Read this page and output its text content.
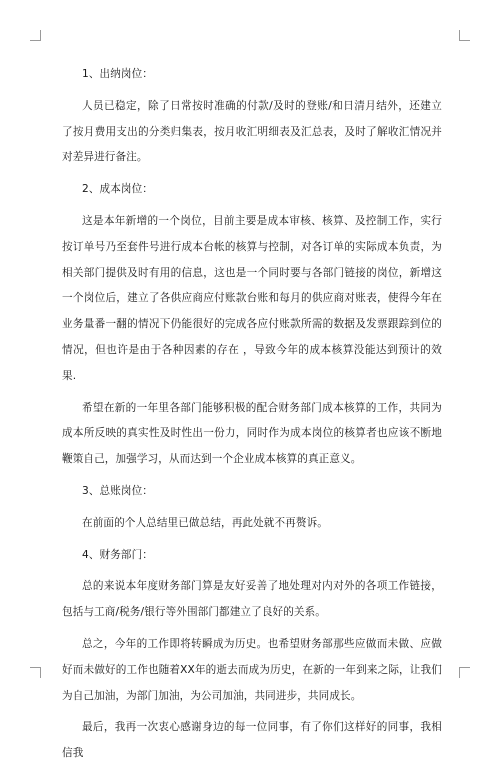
1、出纳岗位：

人员已稳定，除了日常按时准确的付款/及时的登账/和日清月结外，还建立了按月费用支出的分类归集表，按月收汇明细表及汇总表，及时了解收汇情况并对差异进行备注。

2、成本岗位：

这是本年新增的一个岗位，目前主要是成本审核、核算、及控制工作，实行按订单号乃至套件号进行成本台帐的核算与控制，对各订单的实际成本负责，为相关部门提供及时有用的信息，这也是一个同时要与各部门链接的岗位，新增这一个岗位后，建立了各供应商应付账款台账和每月的供应商对账表，使得今年在业务量番一翻的情况下仍能很好的完成各应付账款所需的数据及发票跟踪到位的情况，但也许是由于各种因素的存在 ，导致今年的成本核算没能达到预计的效果.

希望在新的一年里各部门能够积极的配合财务部门成本核算的工作，共同为成本所反映的真实性及时性出一份力，同时作为成本岗位的核算者也应该不断地鞭策自己，加强学习，从而达到一个企业成本核算的真正意义。

3、总账岗位：

在前面的个人总结里已做总结，再此处就不再赘诉。

4、财务部门：

总的来说本年度财务部门算是友好妥善了地处理对内对外的各项工作链接，包括与工商/税务/银行等外围部门都建立了良好的关系。

总之，今年的工作即将转瞬成为历史。也希望财务部那些应做而未做、应做好而未做好的工作也随着XX年的逝去而成为历史，在新的一年到来之际，让我们为自己加油，为部门加油，为公司加油，共同进步，共同成长。

最后，我再一次衷心感谢身边的每一位同事，有了你们这样好的同事，我相信我
